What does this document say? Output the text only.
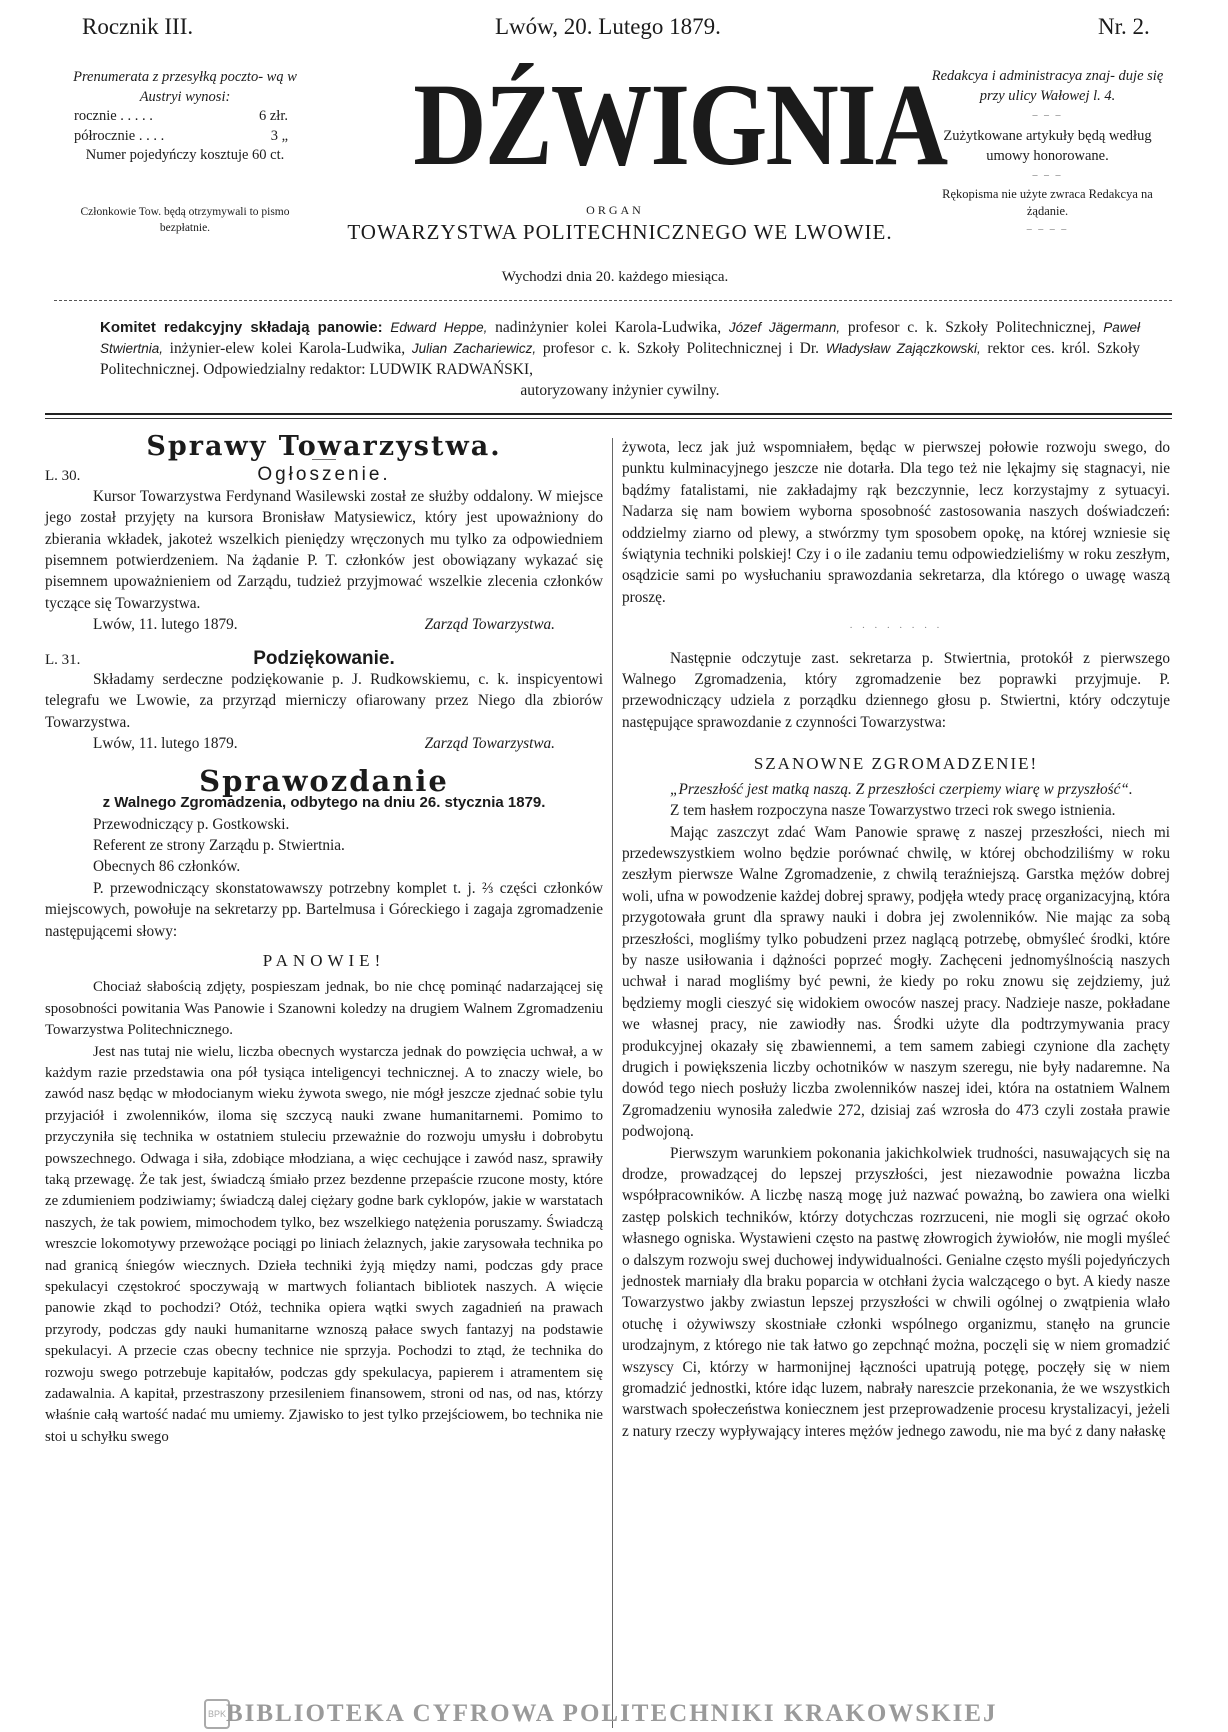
Rocznik III.	Lwów, 20. Lutego 1879.	Nr. 2.
Prenumerata z przesyłką poczto- wą w Austryi wynosi:
rocznie . . . . .	6 złr.
półrocznie . . . .	3 „
Numer pojedyńczy kosztuje 60 ct.
Członkowie Tow. będą otrzymywali to pismo bezpłatnie.
DŹWIGNIA
ORGAN
TOWARZYSTWA POLITECHNICZNEGO WE LWOWIE.
Wychodzi dnia 20. każdego miesiąca.
Redakcya i administracya znaj- duje się przy ulicy Wałowej l. 4.
‒ ‒ ‒
Zużytkowane artykuły będą według umowy honorowane.
‒ ‒ ‒
Rękopisma nie użyte zwraca Redakcya na żądanie.
‒ ‒ ‒ ‒
Komitet redakcyjny składają panowie: Edward Heppe, nadinżynier kolei Karola-Ludwika, Józef Jägermann, profesor c. k. Szkoły Politechnicznej, Paweł Stwiertnia, inżynier-elew kolei Karola-Ludwika, Julian Zachariewicz, profesor c. k. Szkoły Politechnicznej i Dr. Władysław Zajączkowski, rektor ces. król. Szkoły Politechnicznej. Odpowiedzialny redaktor: LUDWIK RADWAŃSKI,
autoryzowany inżynier cywilny.
Sprawy Towarzystwa.
L. 30.	Ogłoszenie.

Kursor Towarzystwa Ferdynand Wasilewski został ze służby oddalony. W miejsce jego został przyjęty na kursora Bronisław Matysiewicz, który jest upoważniony do zbierania wkładek, jakoteż wszelkich pieniędzy wręczonych mu tylko za odpowiedniem pisemnem potwierdzeniem. Na żądanie P. T. członków jest obowiązany wykazać się pisemnem upoważnieniem od Zarządu, tudzież przyjmować wszelkie zlecenia członków tyczące się Towarzystwa.

Lwów, 11. lutego 1879.	Zarząd Towarzystwa.
L. 31.	Podziękowanie.

Składamy serdeczne podziękowanie p. J. Rudkowskiemu, c. k. inspicyentowi telegrafu we Lwowie, za przyrząd mierniczy ofiarowany przez Niego dla zbiorów Towarzystwa.

Lwów, 11. lutego 1879.	Zarząd Towarzystwa.
Sprawozdanie
z Walnego Zgromadzenia, odbytego na dniu 26. stycznia 1879.

Przewodniczący p. Gostkowski.

Referent ze strony Zarządu p. Stwiertnia.

Obecnych 86 członków.

P. przewodniczący skonstatowawszy potrzebny komplet t. j. ⅔ części członków miejscowych, powołuje na sekretarzy pp. Bartelmusa i Góreckiego i zagaja zgromadzenie następującemi słowy:

PANOWIE!

Chociaż słabością zdjęty, pospieszam jednak, bo nie chcę pominąć nadarzającej się sposobności powitania Was Panowie i Szanowni koledzy na drugiem Walnem Zgromadzeniu Towarzystwa Politechnicznego.

Jest nas tutaj nie wielu, liczba obecnych wystarcza jednak do powzięcia uchwał, a w każdym razie przedstawia ona pół tysiąca inteligencyi technicznej. A to znaczy wiele, bo zawód nasz będąc w młodocianym wieku żywota swego, nie mógł jeszcze zjednać sobie tylu przyjaciół i zwolenników, iloma się szczycą nauki zwane humanitarnemi. Pomimo to przyczyniła się technika w ostatniem stuleciu przeważnie do rozwoju umysłu i dobrobytu powszechnego. Odwaga i siła, zdobiące młodziana, a więc cechujące i zawód nasz, sprawiły taką przewagę. Że tak jest, świadczą śmiało przez bezdenne przepaście rzucone mosty, które ze zdumieniem podziwiamy; świadczą dalej ciężary godne bark cyklopów, jakie w warstatach naszych, że tak powiem, mimochodem tylko, bez wszelkiego natężenia poruszamy. Świadczą wreszcie lokomotywy przewożące pociągi po liniach żelaznych, jakie zarysowała technika po nad granicą śniegów wiecznych. Dzieła techniki żyją między nami, podczas gdy prace spekulacyi częstokroć spoczywają w martwych foliantach bibliotek naszych. A więcie panowie zkąd to pochodzi? Otóż, technika opiera wątki swych zagadnień na prawach przyrody, podczas gdy nauki humanitarne wznoszą pałace swych fantazyj na podstawie spekulacyi. A przecie czas obecny technice nie sprzyja. Pochodzi to ztąd, że technika do rozwoju swego potrzebuje kapitałów, podczas gdy spekulacya, papierem i atramentem się zadawalnia. A kapitał, przestraszony przesileniem finansowem, stroni od nas, od nas, którzy właśnie całą wartość nadać mu umiemy. Zjawisko to jest tylko przejściowem, bo technika nie stoi u schyłku swego

żywota, lecz jak już wspomniałem, będąc w pierwszej połowie rozwoju swego, do punktu kulminacyjnego jeszcze nie dotarła. Dla tego też nie lękajmy się stagnacyi, nie bądźmy fatalistami, nie zakładajmy rąk bezczynnie, lecz korzystajmy z sytuacyi. Nadarza się nam bowiem wyborna sposobność zastosowania naszych doświadczeń: oddzielmy ziarno od plewy, a stwórzmy tym sposobem opokę, na której wzniesie się świątynia techniki polskiej! Czy i o ile zadaniu temu odpowiedzieliśmy w roku zeszłym, osądzicie sami po wysłuchaniu sprawozdania sekretarza, dla którego o uwagę waszą proszę.

· · · · · · · ·

Następnie odczytuje zast. sekretarza p. Stwiertnia, protokół z pierwszego Walnego Zgromadzenia, który zgromadzenie bez poprawki przyjmuje. P. przewodniczący udziela z porządku dziennego głosu p. Stwiertni, który odczytuje następujące sprawozdanie z czynności Towarzystwa:

SZANOWNE ZGROMADZENIE!

„Przeszłość jest matką naszą. Z przeszłości czerpiemy wiarę w przyszłość“.

Z tem hasłem rozpoczyna nasze Towarzystwo trzeci rok swego istnienia.

Mając zaszczyt zdać Wam Panowie sprawę z naszej przeszłości, niech mi przedewszystkiem wolno będzie porównać chwilę, w której obchodziliśmy w roku zeszłym pierwsze Walne Zgromadzenie, z chwilą teraźniejszą. Garstka mężów dobrej woli, ufna w powodzenie każdej dobrej sprawy, podjęła wtedy pracę organizacyjną, która przygotowała grunt dla sprawy nauki i dobra jej zwolenników. Nie mając za sobą przeszłości, mogliśmy tylko pobudzeni przez naglącą potrzebę, obmyśleć środki, które by nasze usiłowania i dążności poprzeć mogły. Zachęceni jednomyślnością naszych uchwał i narad mogliśmy być pewni, że kiedy po roku znowu się zejdziemy, już będziemy mogli cieszyć się widokiem owoców naszej pracy. Nadzieje nasze, pokładane we własnej pracy, nie zawiodły nas. Środki użyte dla podtrzymywania pracy produkcyjnej okazały się zbawiennemi, a tem samem zabiegi czynione dla zachęty drugich i powiększenia liczby ochotników w naszym szeregu, nie były nadaremne. Na dowód tego niech posłuży liczba zwolenników naszej idei, która na ostatniem Walnem Zgromadzeniu wynosiła zaledwie 272, dzisiaj zaś wzrosła do 473 czyli została prawie podwojoną.

Pierwszym warunkiem pokonania jakichkolwiek trudności, nasuwających się na drodze, prowadzącej do lepszej przyszłości, jest niezawodnie poważna liczba współpracowników. A liczbę naszą mogę już nazwać poważną, bo zawiera ona wielki zastęp polskich techników, którzy dotychczas rozrzuceni, nie mogli się ogrzać około własnego ogniska. Wystawieni często na pastwę złowrogich żywiołów, nie mogli myśleć o dalszym rozwoju swej duchowej indywidualności. Genialne często myśli pojedyńczych jednostek marniały dla braku poparcia w otchłani życia walczącego o byt. A kiedy nasze Towarzystwo jakby zwiastun lepszej przyszłości w chwili ogólnej o zwątpienia wlało otuchę i ożywiwszy skostniałe członki wspólnego organizmu, stanęło na gruncie urodzajnym, z którego nie tak łatwo go zepchnąć można, poczęli się w niem gromadzić wszyscy Ci, którzy w harmonijnej łączności upatrują potęgę, poczęły się w niem gromadzić jednostki, które idąc luzem, nabrały nareszcie przekonania, że we wszystkich warstwach społeczeństwa koniecznem jest przeprowadzenie procesu krystalizacyi, jeżeli z natury rzeczy wypływający interes mężów jednego zawodu, nie ma być z dany nałaskę

BPK BIBLIOTEKA CYFROWA POLITECHNIKI KRAKOWSKIEJ
